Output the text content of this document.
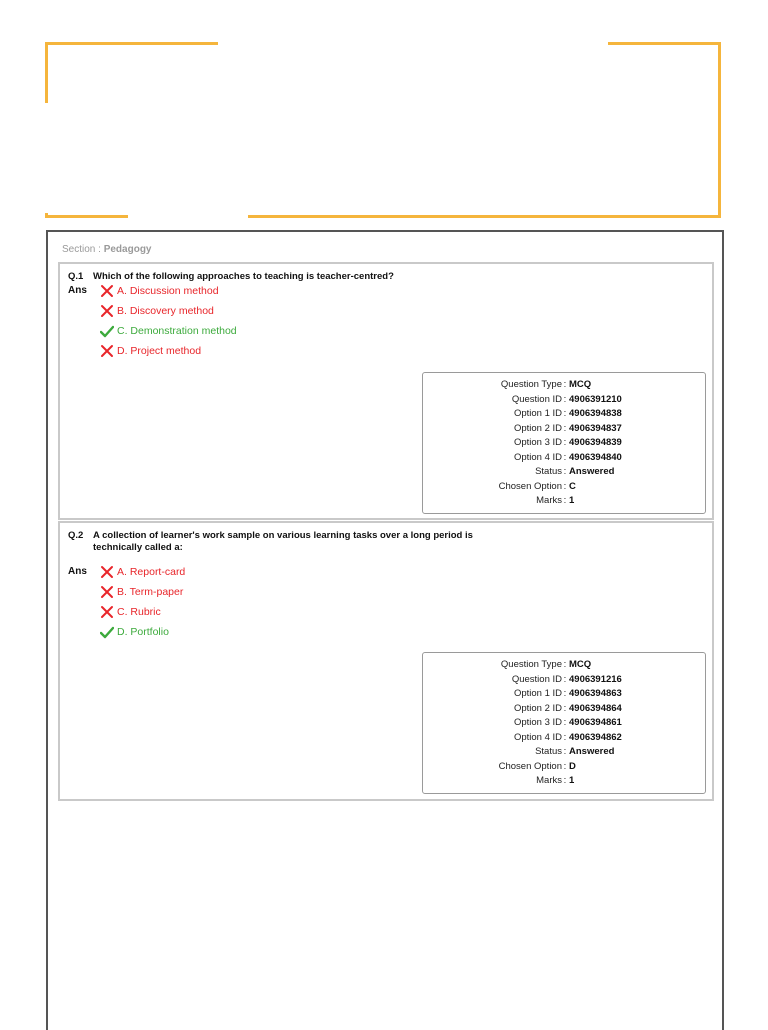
Section : Pedagogy
Q.1 Which of the following approaches to teaching is teacher-centred?
Ans	A. Discussion method
B. Discovery method
C. Demonstration method
D. Project method
Question Type : MCQ
Question ID : 4906391210
Option 1 ID : 4906394838
Option 2 ID : 4906394837
Option 3 ID : 4906394839
Option 4 ID : 4906394840
Status : Answered
Chosen Option : C
Marks : 1
Q.2 A collection of learner's work sample on various learning tasks over a long period is technically called a:
Ans	A. Report-card
B. Term-paper
C. Rubric
D. Portfolio
Question Type : MCQ
Question ID : 4906391216
Option 1 ID : 4906394863
Option 2 ID : 4906394864
Option 3 ID : 4906394861
Option 4 ID : 4906394862
Status : Answered
Chosen Option : D
Marks : 1
